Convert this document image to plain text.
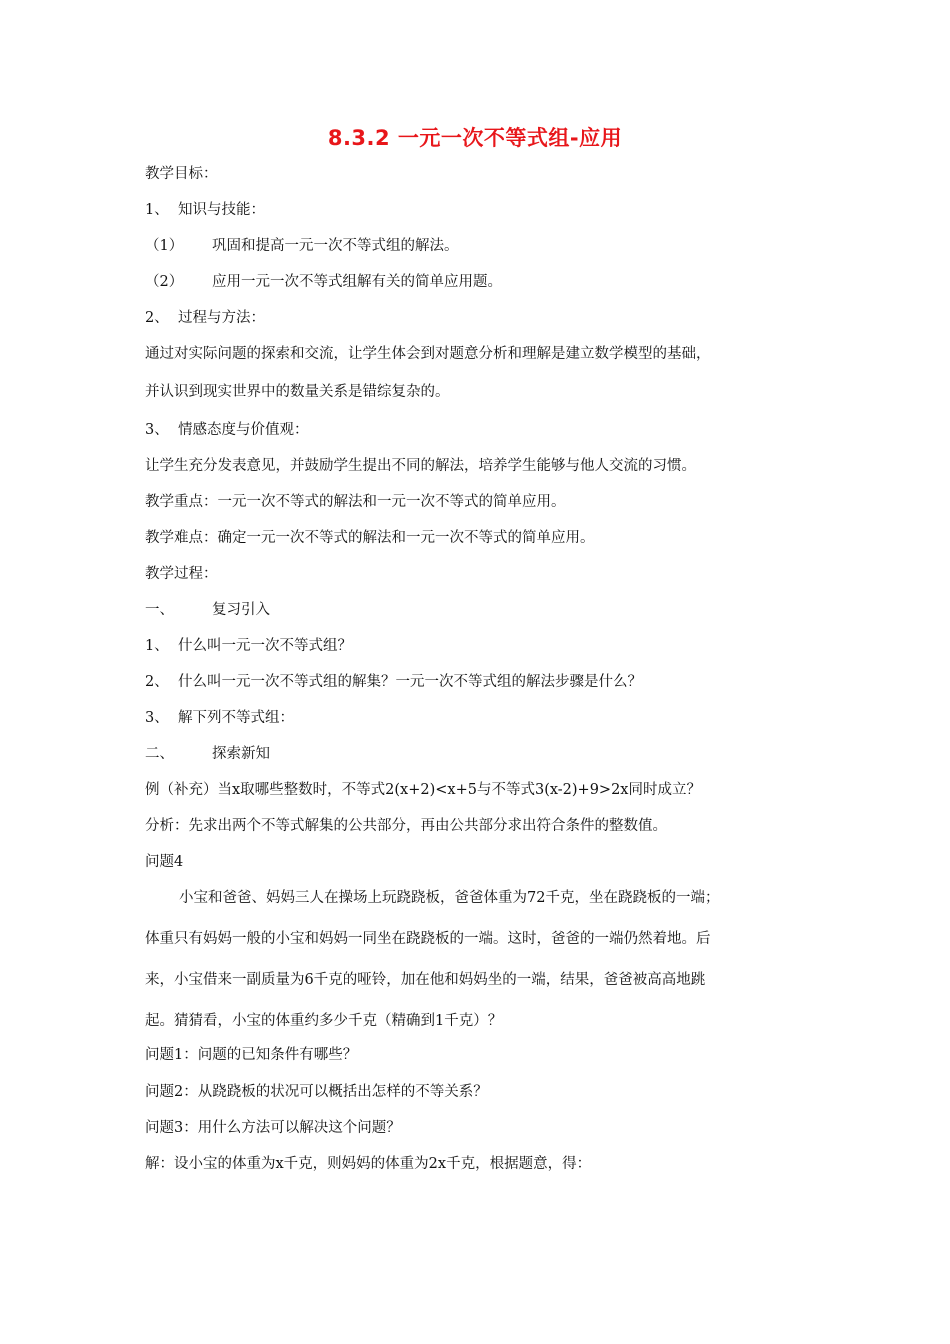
8.3.2 一元一次不等式组-应用
教学目标：
1、 知识与技能：
（1） 巩固和提高一元一次不等式组的解法。
（2） 应用一元一次不等式组解有关的简单应用题。
2、 过程与方法：
通过对实际问题的探索和交流，让学生体会到对题意分析和理解是建立数学模型的基础，
并认识到现实世界中的数量关系是错综复杂的。
3、 情感态度与价值观：
让学生充分发表意见，并鼓励学生提出不同的解法，培养学生能够与他人交流的习惯。
教学重点：一元一次不等式的解法和一元一次不等式的简单应用。
教学难点：确定一元一次不等式的解法和一元一次不等式的简单应用。
教学过程：
一、	复习引入
1、 什么叫一元一次不等式组？
2、 什么叫一元一次不等式组的解集？一元一次不等式组的解法步骤是什么？
3、 解下列不等式组：
二、	探索新知
例（补充）当x取哪些整数时，不等式2(x+2)<x+5与不等式3(x-2)+9>2x同时成立？
分析：先求出两个不等式解集的公共部分，再由公共部分求出符合条件的整数值。
问题4
小宝和爸爸、妈妈三人在操场上玩跷跷板，爸爸体重为72千克，坐在跷跷板的一端；
体重只有妈妈一般的小宝和妈妈一同坐在跷跷板的一端。这时，爸爸的一端仍然着地。后
来，小宝借来一副质量为6千克的哑铃，加在他和妈妈坐的一端，结果，爸爸被高高地跳
起。猜猜看，小宝的体重约多少千克（精确到1千克）？
问题1：问题的已知条件有哪些？
问题2：从跷跷板的状况可以概括出怎样的不等关系？
问题3：用什么方法可以解决这个问题？
解：设小宝的体重为x千克，则妈妈的体重为2x千克，根据题意，得：
